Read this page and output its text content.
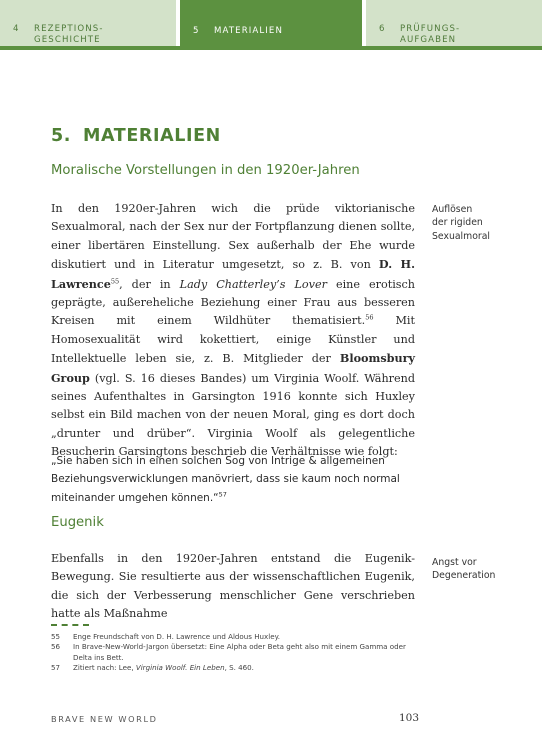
4 REZEPTIONS-
GESCHICHTE
5 MATERIALIEN	6 PRÜFUNGS-
AUFGABEN
5. MATERIALIEN
Moralische Vorstellungen in den 1920er-Jahren
In den 1920er-Jahren wich die prüde viktorianische Sexualmoral, nach der Sex nur der Fortpflanzung dienen sollte, einer libertären Einstellung. Sex außerhalb der Ehe wurde diskutiert und in Literatur umgesetzt, so z. B. von D. H. Lawrence$^{55}$, der in Lady Chatterley’s Lover eine erotisch geprägte, außereheliche Beziehung einer Frau aus besseren Kreisen mit einem Wildhüter thematisiert.$^{56}$ Mit Homosexualität wird kokettiert, einige Künstler und Intellektuelle leben sie, z. B. Mitglieder der Bloomsbury Group (vgl. S. 16 dieses Bandes) um Virginia Woolf. Während seines Aufenthaltes in Garsington 1916 konnte sich Huxley selbst ein Bild machen von der neuen Moral, ging es dort doch „drunter und drüber“. Virginia Woolf als gelegentliche Besucherin Garsingtons beschrieb die Verhältnisse wie folgt:
„Sie haben sich in einen solchen Sog von Intrige & allgemeinen Beziehungsverwicklungen manövriert, dass sie kaum noch normal miteinander umgehen können.“$^{57}$
Auflösen
der rigiden
Sexualmoral
Eugenik
Ebenfalls in den 1920er-Jahren entstand die Eugenik-Bewegung. Sie resultierte aus der wissenschaftlichen Eugenik, die sich der Verbesserung menschlicher Gene verschrieben hatte als Maßnahme
Angst vor
Degeneration
55 Enge Freundschaft von D. H. Lawrence und Aldous Huxley.
56 In Brave-New-World-Jargon übersetzt: Eine Alpha oder Beta geht also mit einem Gamma oder Delta ins Bett.
57 Zitiert nach: Lee, Virginia Woolf. Ein Leben, S. 460.
BRAVE NEW WORLD	103
